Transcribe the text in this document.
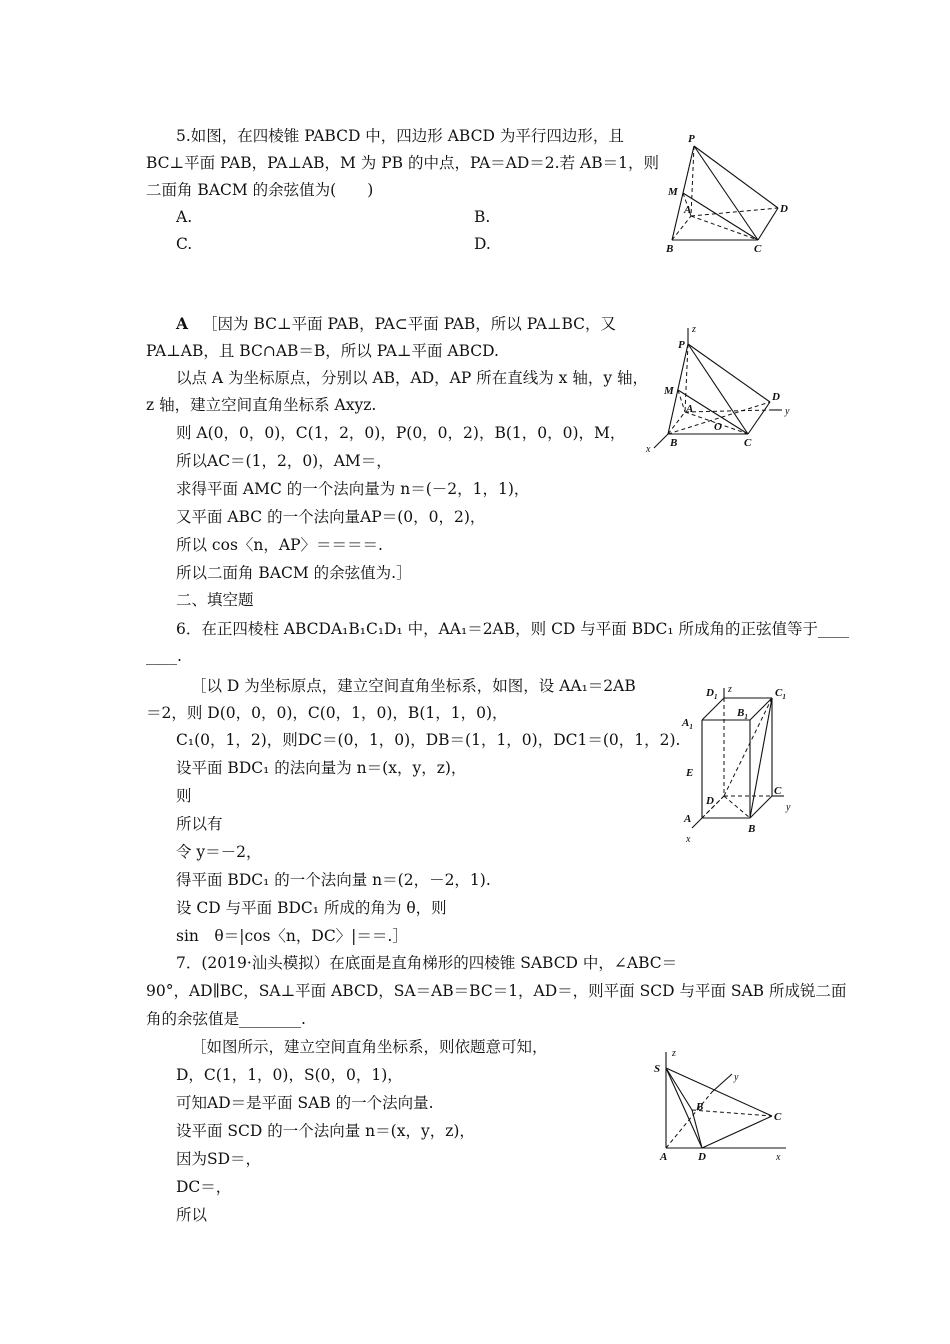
5.如图，在四棱锥 PABCD 中，四边形 ABCD 为平行四边形，且
BC⊥平面 PAB，PA⊥AB，M 为 PB 的中点，PA＝AD＝2.若 AB＝1，则
二面角 BACM 的余弦值为(　　)
A.	B.
C.	D.
P
M
A	D
B	C
A ［因为 BC⊥平面 PAB，PA⊂平面 PAB，所以 PA⊥BC，又
PA⊥AB，且 BC∩AB＝B，所以 PA⊥平面 ABCD.
以点 A 为坐标原点，分别以 AB，AD，AP 所在直线为 x 轴，y 轴，
z 轴，建立空间直角坐标系 Axyz.
则 A(0，0，0)，C(1，2，0)，P(0，0，2)，B(1，0，0)，M，
所以AC＝(1，2，0)，AM＝，
求得平面 AMC 的一个法向量为 n＝(－2，1，1)，
又平面 ABC 的一个法向量AP＝(0，0，2)，
所以 cos〈n，AP〉＝＝＝＝.
所以二面角 BACM 的余弦值为.］
z
P
M
A
D
y
O
x
B	C
二、填空题
6．在正四棱柱 ABCDA₁B₁C₁D₁ 中，AA₁＝2AB，则 CD 与平面 BDC₁ 所成角的正弦值等于____
____.
［以 D 为坐标原点，建立空间直角坐标系，如图，设 AA₁＝2AB
＝2，则 D(0，0，0)，C(0，1，0)，B(1，1，0)，
C₁(0，1，2)，则DC＝(0，1，0)，DB＝(1，1，0)，DC1＝(0，1，2).
设平面 BDC₁ 的法向量为 n＝(x，y，z)，
则
所以有
令 y＝－2，
得平面 BDC₁ 的一个法向量 n＝(2，－2，1).
设 CD 与平面 BDC₁ 所成的角为 θ，则
sin　θ＝|cos〈n，DC〉|＝＝.］
$D_1$
z	$C_1$
$B_1$
$A_1$
E
D
C
y
A
B
x
7．(2019·汕头模拟）在底面是直角梯形的四棱锥 SABCD 中，∠ABC＝
90°，AD∥BC，SA⊥平面 ABCD，SA＝AB＝BC＝1，AD＝，则平面 SCD 与平面 SAB 所成锐二面
角的余弦值是________.
［如图所示，建立空间直角坐标系，则依题意可知，
D，C(1，1，0)，S(0，0，1)，
可知AD＝是平面 SAB 的一个法向量.
设平面 SCD 的一个法向量 n＝(x，y，z)，
因为SD＝，
DC＝，
所以
z
S
y
B
C
A	D	x
